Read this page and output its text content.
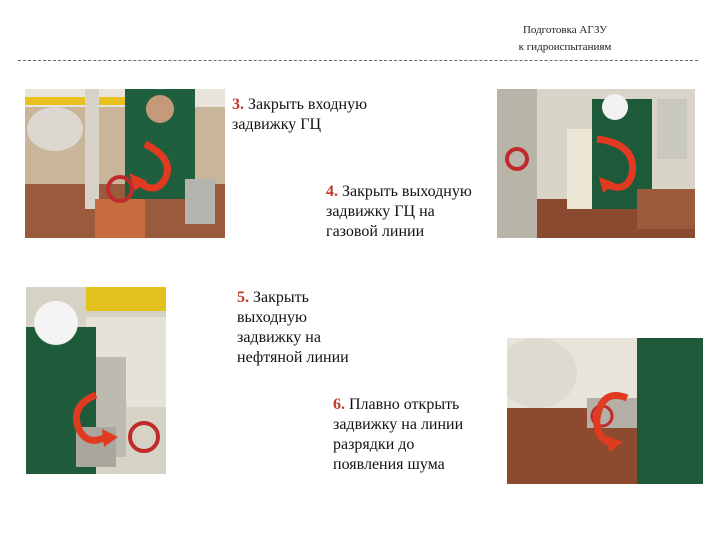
Подготовка АГЗУ
к гидроиспытаниям
3. Закрыть входную
задвижку ГЦ
4. Закрыть выходную
задвижку ГЦ на
газовой линии
5. Закрыть
выходную
задвижку на
нефтяной линии
6. Плавно открыть
задвижку на линии
разрядки до
появления шума
